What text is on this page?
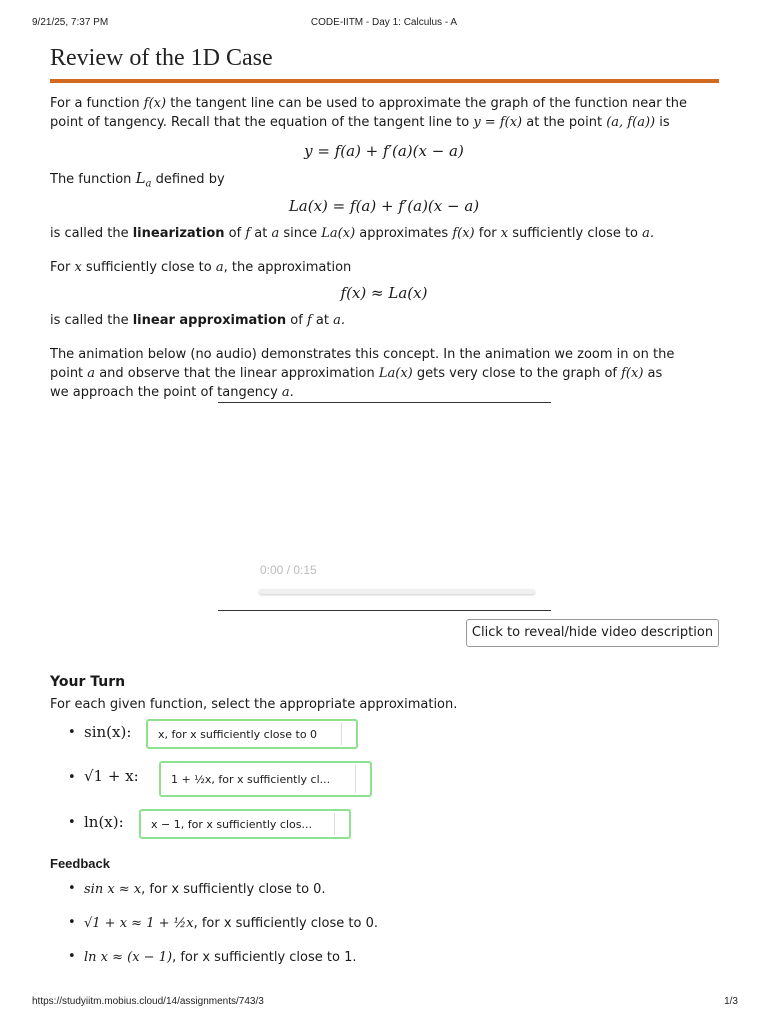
9/21/25, 7:37 PM	CODE-IITM - Day 1: Calculus - A
Review of the 1D Case
For a function f(x) the tangent line can be used to approximate the graph of the function near the
point of tangency. Recall that the equation of the tangent line to y = f(x) at the point (a, f(a)) is
y = f(a) + f′(a)(x − a)
The function $L_a$ defined by
La(x) = f(a) + f′(a)(x − a)
is called the linearization of f at a since La(x) approximates f(x) for x sufficiently close to a.
For x sufficiently close to a, the approximation
f(x) ≈ La(x)
is called the linear approximation of f at a.
The animation below (no audio) demonstrates this concept. In the animation we zoom in on the
point a and observe that the linear approximation La(x) gets very close to the graph of f(x) as
we approach the point of tangency a.
0:00 / 0:15
Click to reveal/hide video description
Your Turn
For each given function, select the appropriate approximation.
• sin(x):	x, for x sufficiently close to 0
• √1 + x:	1 + ½x, for x sufficiently cl...
• ln(x):	x − 1, for x sufficiently clos...
Feedback
• sin x ≈ x, for x sufficiently close to 0.
• √1 + x ≈ 1 + ½x, for x sufficiently close to 0.
• ln x ≈ (x − 1), for x sufficiently close to 1.
https://studyiitm.mobius.cloud/14/assignments/743/3	1/3
